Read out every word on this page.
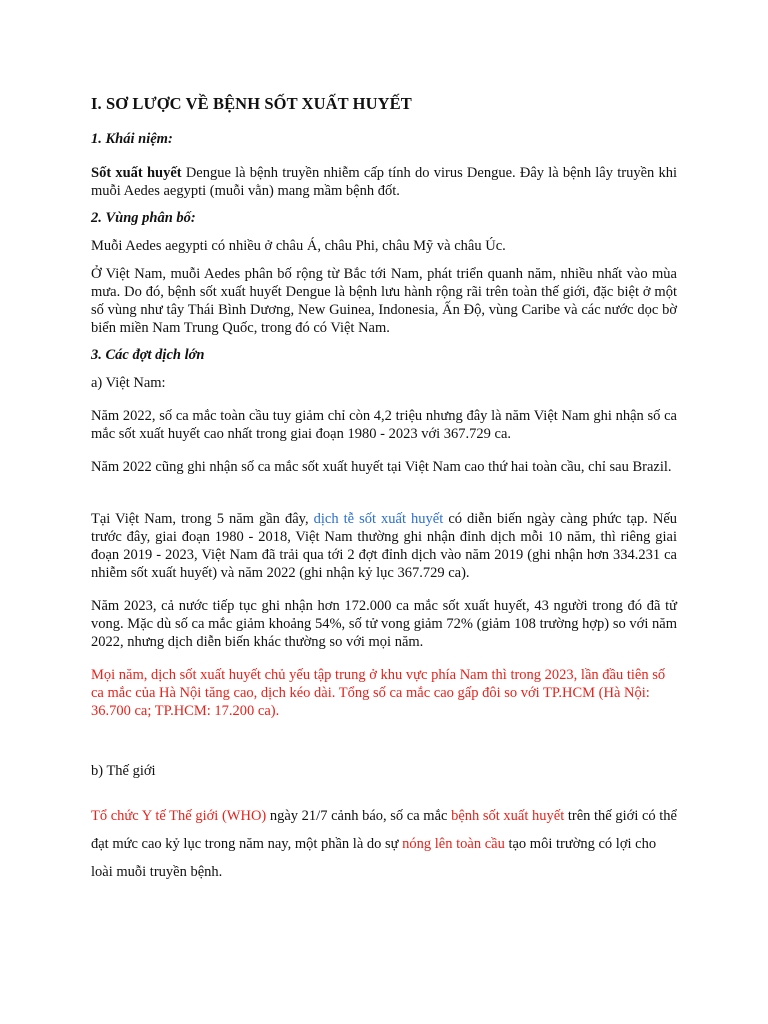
I. SƠ LƯỢC VỀ BỆNH SỐT XUẤT HUYẾT

1. Khái niệm:

Sốt xuất huyết Dengue là bệnh truyền nhiễm cấp tính do virus Dengue. Đây là bệnh lây truyền khi muỗi Aedes aegypti (muỗi vằn) mang mầm bệnh đốt.

2. Vùng phân bố:

Muỗi Aedes aegypti có nhiều ở châu Á, châu Phi, châu Mỹ và châu Úc.

Ở Việt Nam, muỗi Aedes phân bố rộng từ Bắc tới Nam, phát triển quanh năm, nhiều nhất vào mùa mưa. Do đó, bệnh sốt xuất huyết Dengue là bệnh lưu hành rộng rãi trên toàn thế giới, đặc biệt ở một số vùng như tây Thái Bình Dương, New Guinea, Indonesia, Ấn Độ, vùng Caribe và các nước dọc bờ biển miền Nam Trung Quốc, trong đó có Việt Nam.

3. Các đợt dịch lớn

a) Việt Nam:

Năm 2022, số ca mắc toàn cầu tuy giảm chỉ còn 4,2 triệu nhưng đây là năm Việt Nam ghi nhận số ca mắc sốt xuất huyết cao nhất trong giai đoạn 1980 - 2023 với 367.729 ca.

Năm 2022 cũng ghi nhận số ca mắc sốt xuất huyết tại Việt Nam cao thứ hai toàn cầu, chỉ sau Brazil.

Tại Việt Nam, trong 5 năm gần đây, dịch tễ sốt xuất huyết có diễn biến ngày càng phức tạp. Nếu trước đây, giai đoạn 1980 - 2018, Việt Nam thường ghi nhận đỉnh dịch mỗi 10 năm, thì riêng giai đoạn 2019 - 2023, Việt Nam đã trải qua tới 2 đợt đỉnh dịch vào năm 2019 (ghi nhận hơn 334.231 ca nhiễm sốt xuất huyết) và năm 2022 (ghi nhận kỷ lục 367.729 ca).

Năm 2023, cả nước tiếp tục ghi nhận hơn 172.000 ca mắc sốt xuất huyết, 43 người trong đó đã tử vong. Mặc dù số ca mắc giảm khoảng 54%, số tử vong giảm 72% (giảm 108 trường hợp) so với năm 2022, nhưng dịch diễn biến khác thường so với mọi năm.

Mọi năm, dịch sốt xuất huyết chủ yếu tập trung ở khu vực phía Nam thì trong 2023, lần đầu tiên số ca mắc của Hà Nội tăng cao, dịch kéo dài. Tổng số ca mắc cao gấp đôi so với TP.HCM (Hà Nội: 36.700 ca; TP.HCM: 17.200 ca).

b) Thế giới

Tổ chức Y tế Thế giới (WHO) ngày 21/7 cảnh báo, số ca mắc bệnh sốt xuất huyết trên thế giới có thể đạt mức cao kỷ lục trong năm nay, một phần là do sự nóng lên toàn cầu tạo môi trường có lợi cho loài muỗi truyền bệnh.
